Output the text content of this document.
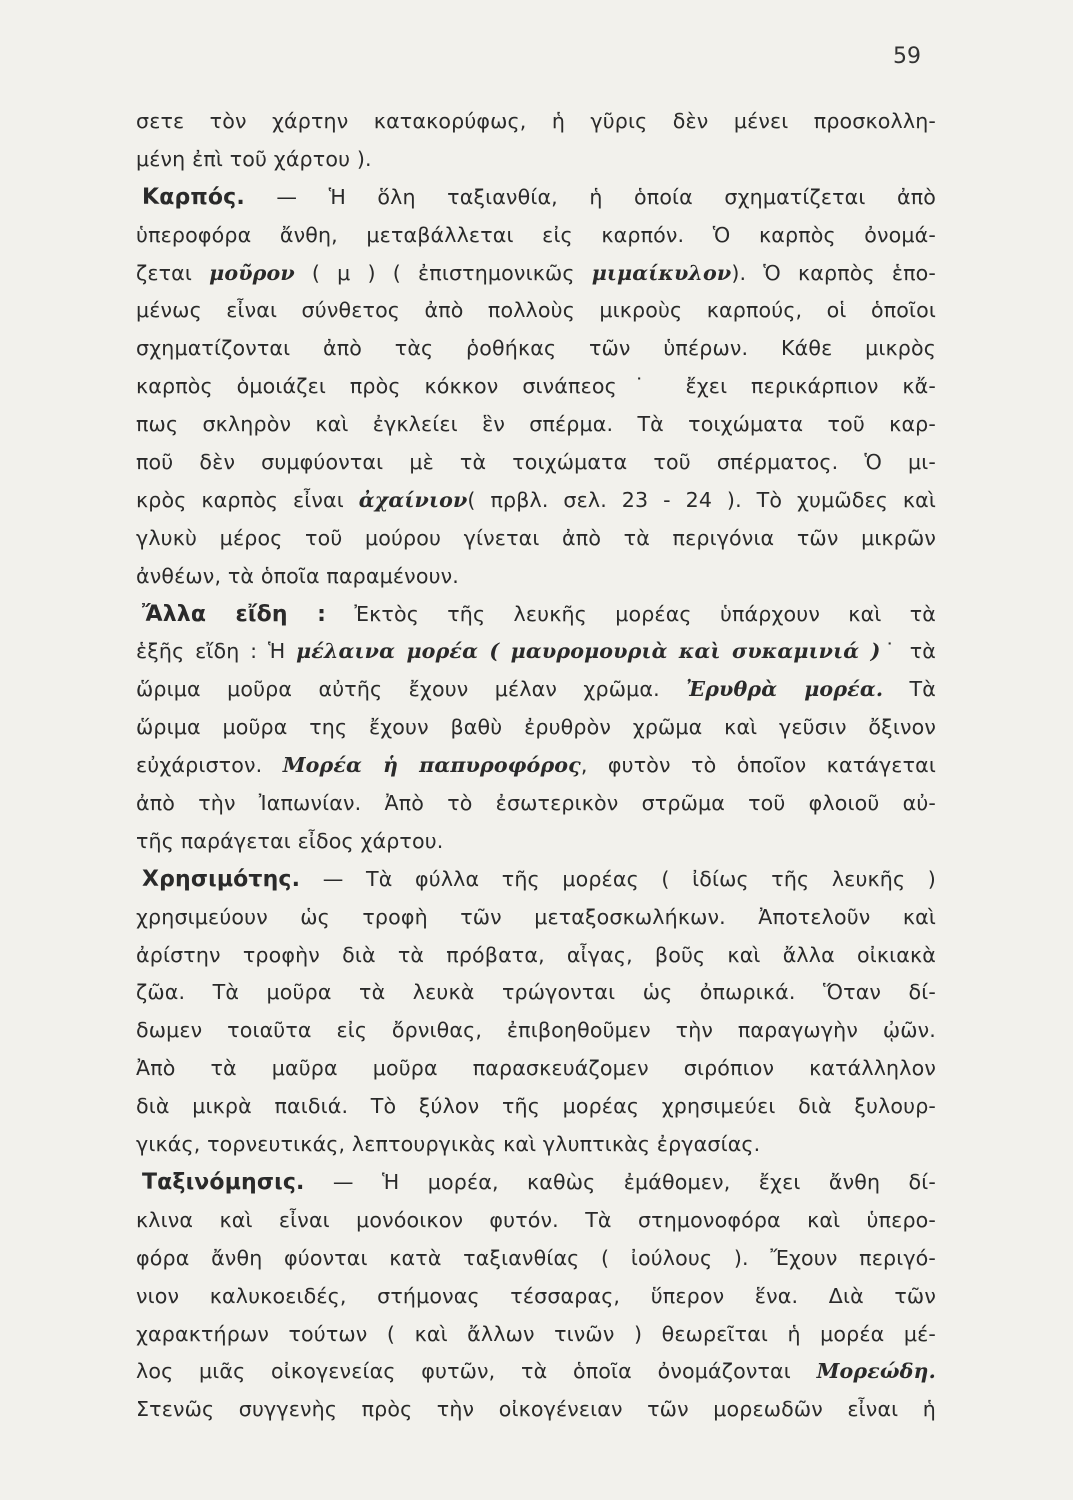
59
σετε τὸν χάρτην κατακορύφως, ἡ γῦρις δὲν μένει προσκολλη-
μένη ἐπὶ τοῦ χάρτου ).
Καρπός. — Ἡ ὅλη ταξιανθία, ἡ ὁποία σχηματίζεται ἀπὸ
ὑπεροφόρα ἄνθη, μεταβάλλεται εἰς καρπόν. Ὁ καρπὸς ὀνομά-
ζεται μοῦρον ( μ ) ( ἐπιστημονικῶς μιμαίκυλον). Ὁ καρπὸς ἑπο-
μένως εἶναι σύνθετος ἀπὸ πολλοὺς μικροὺς καρπούς, οἱ ὁποῖοι
σχηματίζονται ἀπὸ τὰς ῥοθήκας τῶν ὑπέρων. Κάθε μικρὸς
καρπὸς ὁμοιάζει πρὸς κόκκον σινάπεος˙ ἔχει περικάρπιον κἄ-
πως σκληρὸν καὶ ἐγκλείει ἓν σπέρμα. Τὰ τοιχώματα τοῦ καρ-
ποῦ δὲν συμφύονται μὲ τὰ τοιχώματα τοῦ σπέρματος. Ὁ μι-
κρὸς καρπὸς εἶναι ἀχαίνιον( πρβλ. σελ. 23 - 24 ). Τὸ χυμῶδες καὶ
γλυκὺ μέρος τοῦ μούρου γίνεται ἀπὸ τὰ περιγόνια τῶν μικρῶν
ἀνθέων, τὰ ὁποῖα παραμένουν.
Ἄλλα εἴδη : Ἐκτὸς τῆς λευκῆς μορέας ὑπάρχουν καὶ τὰ
ἑξῆς εἴδη : Ἡ μέλαινα μορέα ( μαυρομουριὰ καὶ συκαμινιά )˙ τὰ
ὥριμα μοῦρα αὐτῆς ἔχουν μέλαν χρῶμα. Ἐρυθρὰ μορέα. Τὰ
ὥριμα μοῦρα της ἔχουν βαθὺ ἐρυθρὸν χρῶμα καὶ γεῦσιν ὄξινον
εὐχάριστον. Μορέα ἡ παπυροφόρος, φυτὸν τὸ ὁποῖον κατάγεται
ἀπὸ τὴν Ἰαπωνίαν. Ἀπὸ τὸ ἐσωτερικὸν στρῶμα τοῦ φλοιοῦ αὐ-
τῆς παράγεται εἶδος χάρτου.
Χρησιμότης. — Τὰ φύλλα τῆς μορέας ( ἰδίως τῆς λευκῆς )
χρησιμεύουν ὡς τροφὴ τῶν μεταξοσκωλήκων. Ἀποτελοῦν καὶ
ἀρίστην τροφὴν διὰ τὰ πρόβατα, αἶγας, βοῦς καὶ ἄλλα οἰκιακὰ
ζῶα. Τὰ μοῦρα τὰ λευκὰ τρώγονται ὡς ὀπωρικά. Ὅταν δί-
δωμεν τοιαῦτα εἰς ὄρνιθας, ἐπιβοηθοῦμεν τὴν παραγωγὴν ᾠῶν.
Ἀπὸ τὰ μαῦρα μοῦρα παρασκευάζομεν σιρόπιον κατάλληλον
διὰ μικρὰ παιδιά. Τὸ ξύλον τῆς μορέας χρησιμεύει διὰ ξυλουρ-
γικάς, τορνευτικάς, λεπτουργικὰς καὶ γλυπτικὰς ἐργασίας.
Ταξινόμησις. — Ἡ μορέα, καθὼς ἐμάθομεν, ἔχει ἄνθη δί-
κλινα καὶ εἶναι μονόοικον φυτόν. Τὰ στημονοφόρα καὶ ὑπερο-
φόρα ἄνθη φύονται κατὰ ταξιανθίας ( ἰούλους ). Ἔχουν περιγό-
νιον καλυκοειδές, στήμονας τέσσαρας, ὕπερον ἕνα. Διὰ τῶν
χαρακτήρων τούτων ( καὶ ἄλλων τινῶν ) θεωρεῖται ἡ μορέα μέ-
λος μιᾶς οἰκογενείας φυτῶν, τὰ ὁποῖα ὀνομάζονται Μορεώδη.
Στενῶς συγγενὴς πρὸς τὴν οἰκογένειαν τῶν μορεωδῶν εἶναι ἡ
